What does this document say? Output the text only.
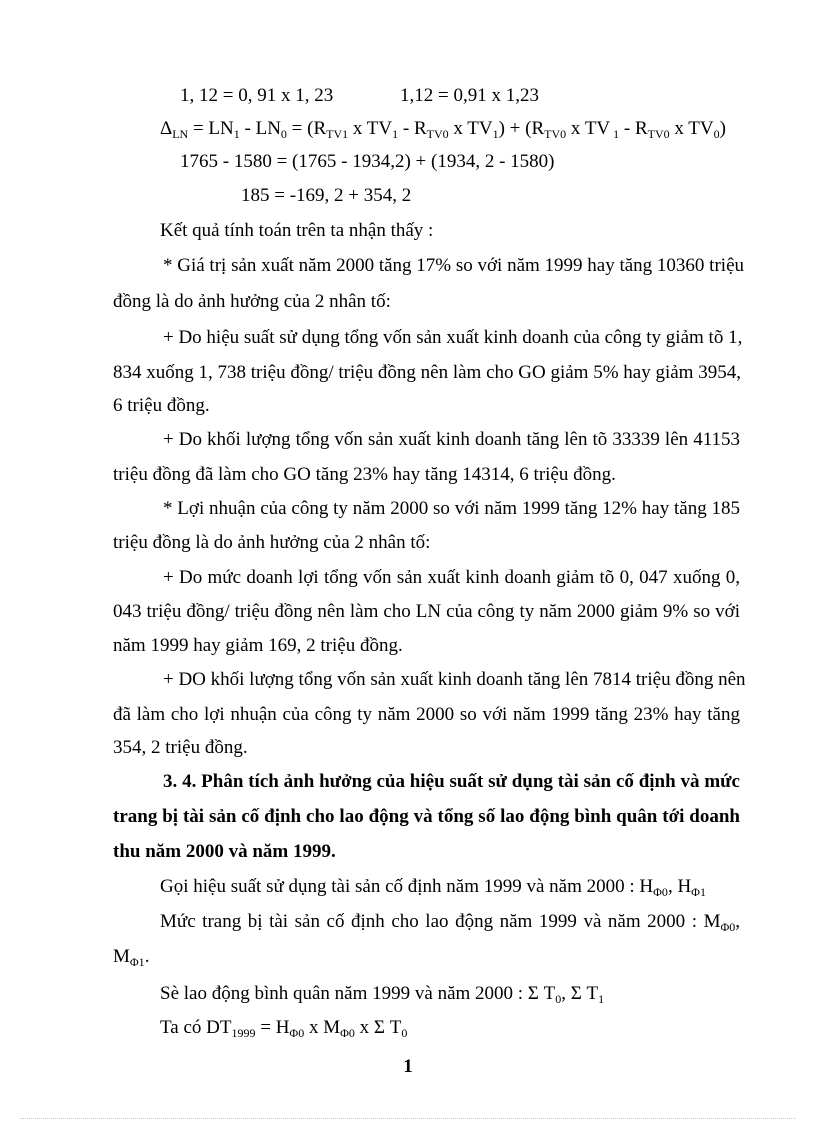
1, 12 = 0, 91 x 1, 23	1,12 = 0,91 x 1,23
$\Delta_{LN} = LN_1 - LN_0 = (R_{TV1}$ x $TV_1 - R_{TV0}$ x $TV_1) + (R_{TV0}$ x TV $_1 - R_{TV0}$ x $TV_0$)
1765 - 1580 = (1765 - 1934,2) + (1934, 2 - 1580)
185 = -169, 2 + 354, 2
Kết quả tính toán trên ta nhận thấy :
* Giá trị sản xuất năm 2000 tăng 17% so với năm 1999 hay tăng 10360 triệu
đồng là do ảnh hưởng của 2 nhân tố:
+ Do hiệu suất sử dụng tổng vốn sản xuất kinh doanh của công ty giảm tõ 1,
834 xuống 1, 738 triệu đồng/ triệu đồng nên làm cho GO giảm 5% hay giảm 3954,
6 triệu đồng.
+ Do khối lượng tổng vốn sản xuất kinh doanh tăng lên tõ 33339 lên 41153
triệu đồng đã làm cho GO tăng 23% hay tăng 14314, 6 triệu đồng.
* Lợi nhuận của công ty năm 2000 so với năm 1999 tăng 12% hay tăng 185
triệu đồng là do ảnh hưởng của 2 nhân tố:
+ Do mức doanh lợi tổng vốn sản xuất kinh doanh giảm tõ 0, 047 xuống 0,
043 triệu đồng/ triệu đồng nên làm cho LN của công ty năm 2000 giảm 9% so với
năm 1999 hay giảm 169, 2 triệu đồng.
+ DO khối lượng tổng vốn sản xuất kinh doanh tăng lên 7814 triệu đồng nên
đã làm cho lợi nhuận của công ty năm 2000 so với năm 1999 tăng 23% hay tăng
354, 2 triệu đồng.
3. 4. Phân tích ảnh hưởng của hiệu suất sử dụng tài sản cố định và mức
trang bị tài sản cố định cho lao động và tổng số lao động bình quân tới doanh
thu năm 2000 và năm 1999.
Gọi hiệu suất sử dụng tài sản cố định năm 1999 và năm 2000 : $H_{\Phi 0}$, $H_{\Phi 1}$
Mức trang bị tài sản cố định cho lao động năm 1999 và năm 2000 : $M_{\Phi 0}$,
$M_{\Phi 1}$.
Sè lao động bình quân năm 1999 và năm 2000 : Σ $T_0$, Σ $T_1$
Ta có $DT_{1999} = H_{\Phi 0}$ x $M_{\Phi 0}$ x Σ $T_0$
1
